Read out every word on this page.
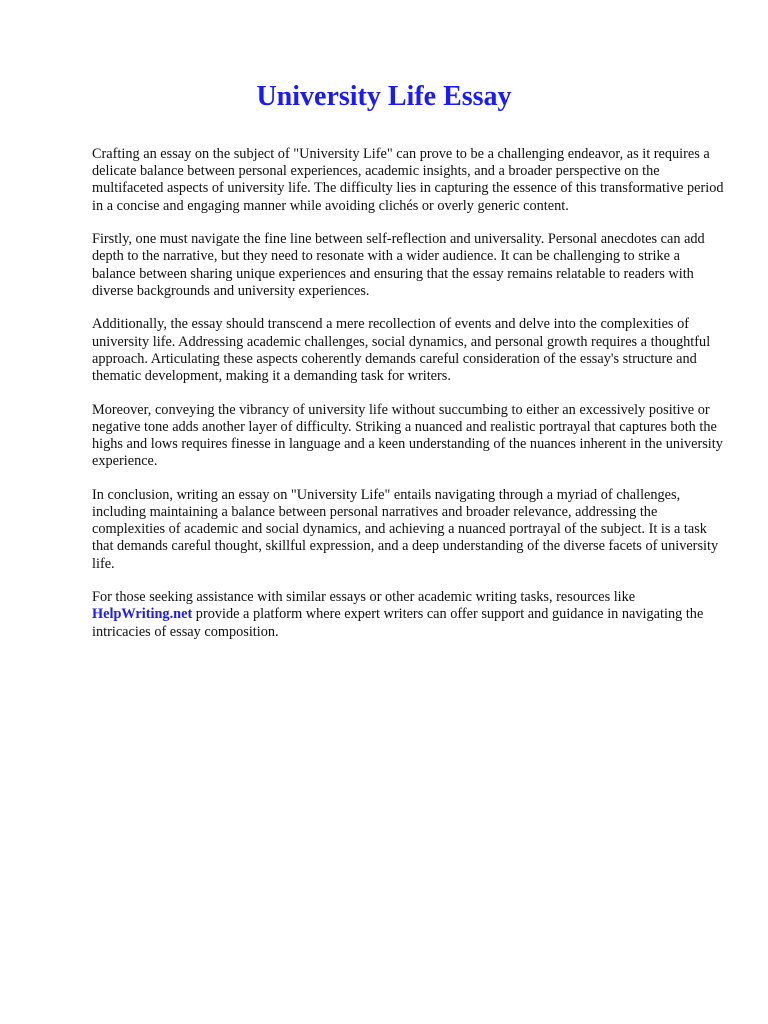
University Life Essay

Crafting an essay on the subject of "University Life" can prove to be a challenging endeavor, as it requires a delicate balance between personal experiences, academic insights, and a broader perspective on the multifaceted aspects of university life. The difficulty lies in capturing the essence of this transformative period in a concise and engaging manner while avoiding clichés or overly generic content.

Firstly, one must navigate the fine line between self-reflection and universality. Personal anecdotes can add depth to the narrative, but they need to resonate with a wider audience. It can be challenging to strike a balance between sharing unique experiences and ensuring that the essay remains relatable to readers with diverse backgrounds and university experiences.

Additionally, the essay should transcend a mere recollection of events and delve into the complexities of university life. Addressing academic challenges, social dynamics, and personal growth requires a thoughtful approach. Articulating these aspects coherently demands careful consideration of the essay's structure and thematic development, making it a demanding task for writers.

Moreover, conveying the vibrancy of university life without succumbing to either an excessively positive or negative tone adds another layer of difficulty. Striking a nuanced and realistic portrayal that captures both the highs and lows requires finesse in language and a keen understanding of the nuances inherent in the university experience.

In conclusion, writing an essay on "University Life" entails navigating through a myriad of challenges, including maintaining a balance between personal narratives and broader relevance, addressing the complexities of academic and social dynamics, and achieving a nuanced portrayal of the subject. It is a task that demands careful thought, skillful expression, and a deep understanding of the diverse facets of university life.

For those seeking assistance with similar essays or other academic writing tasks, resources like HelpWriting.net provide a platform where expert writers can offer support and guidance in navigating the intricacies of essay composition.
